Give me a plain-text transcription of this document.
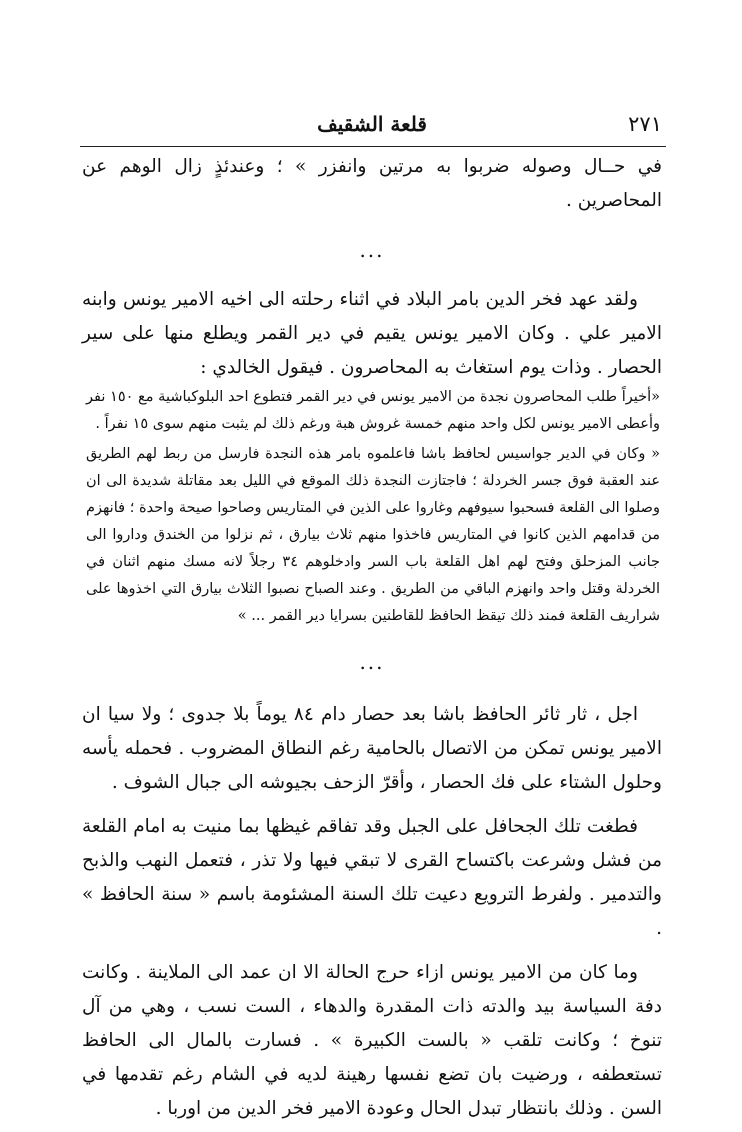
٢٧١
قلعة الشقيف

في حــال وصوله ضربوا به مرتين وانفزر » ؛ وعندئذٍ زال الوهم عن المحاصرين .

...

ولقد عهد فخر الدين بامر البلاد في اثناء رحلته الى اخيه الامير يونس وابنه الامير علي . وكان الامير يونس يقيم في دير القمر ويطلع منها على سير الحصار . وذات يوم استغاث به المحاصرون . فيقول الخالدي :

«أخيراً طلب المحاصرون نجدة من الامير يونس في دير القمر فتطوع احد البلوكباشية مع ١٥٠ نفر وأعطى الامير يونس لكل واحد منهم خمسة غروش هبة ورغم ذلك لم يثبت منهم سوى ١٥ نفراً .

« وكان في الدير جواسيس لحافظ باشا فاعلموه بامر هذه النجدة فارسل من ربط لهم الطريق عند العقبة فوق جسر الخردلة ؛ فاجتازت النجدة ذلك الموقع في الليل بعد مقاتلة شديدة الى ان وصلوا الى القلعة فسحبوا سيوفهم وغاروا على الذين في المتاريس وصاحوا صيحة واحدة ؛ فانهزم من قدامهم الذين كانوا في المتاريس فاخذوا منهم ثلاث بيارق ، ثم نزلوا من الخندق وداروا الى جانب المزحلق وفتح لهم اهل القلعة باب السر وادخلوهم ٣٤ رجلاً لانه مسك منهم اثنان في الخردلة وقتل واحد وانهزم الباقي من الطريق . وعند الصباح نصبوا الثلاث بيارق التي اخذوها على شراريف القلعة فمند ذلك تيقظ الحافظ للقاطنين بسرايا دير القمر ... »

...

اجل ، ثار ثائر الحافظ باشا بعد حصار دام ٨٤ يوماً بلا جدوى ؛ ولا سيا ان الامير يونس تمكن من الاتصال بالحامية رغم النطاق المضروب . فحمله يأسه وحلول الشتاء على فك الحصار ، وأقرّ الزحف بجيوشه الى جبال الشوف .

فطغت تلك الجحافل على الجبل وقد تفاقم غيظها بما منيت به امام القلعة من فشل وشرعت باكتساح القرى لا تبقي فيها ولا تذر ، فتعمل النهب والذبح والتدمير . ولفرط الترويع دعيت تلك السنة المشئومة باسم « سنة الحافظ » .

وما كان من الامير يونس ازاء حرج الحالة الا ان عمد الى الملاينة . وكانت دفة السياسة بيد والدته ذات المقدرة والدهاء ، الست نسب ، وهي من آل تنوخ ؛ وكانت تلقب « بالست الكبيرة » . فسارت بالمال الى الحافظ تستعطفه ، ورضيت بان تضع نفسها رهينة لديه في الشام رغم تقدمها في السن . وذلك بانتظار تبدل الحال وعودة الامير فخر الدين من اوربا .
